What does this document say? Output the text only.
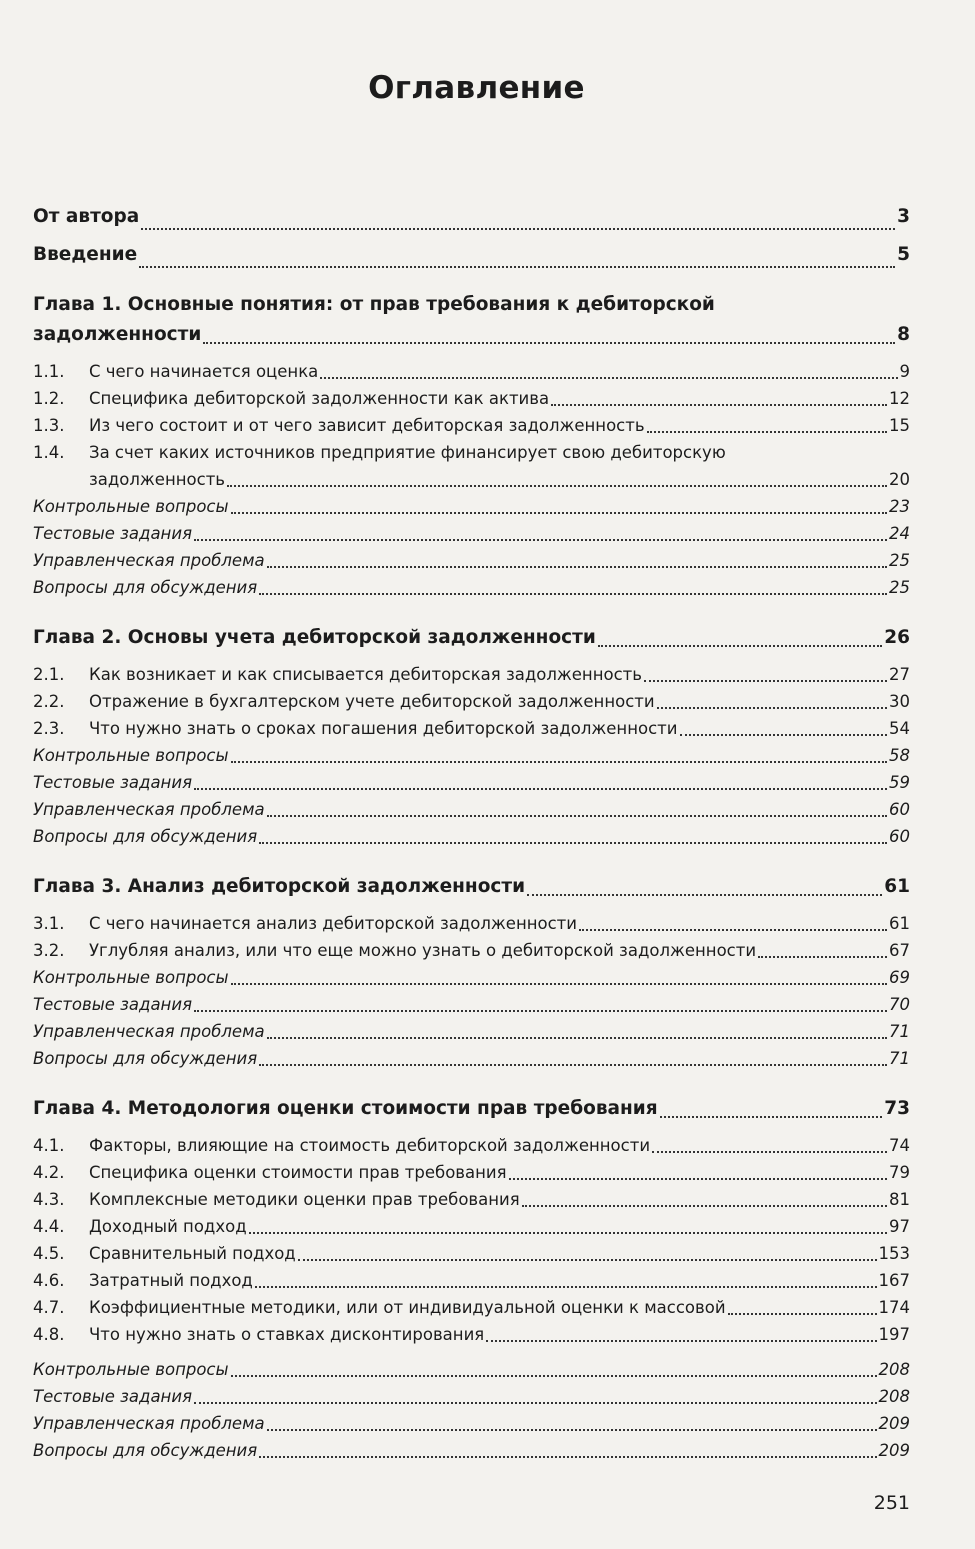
Оглавление
От автора	3
Введение	5
Глава 1. Основные понятия: от прав требования к дебиторской
задолженности	8
1.1.	С чего начинается оценка	9
1.2.	Специфика дебиторской задолженности как актива	12
1.3.	Из чего состоит и от чего зависит дебиторская задолженность	15
1.4.	За счет каких источников предприятие финансирует свою дебиторскую
задолженность	20
Контрольные вопросы	23
Тестовые задания	24
Управленческая проблема	25
Вопросы для обсуждения	25
Глава 2. Основы учета дебиторской задолженности	26
2.1.	Как возникает и как списывается дебиторская задолженность	27
2.2.	Отражение в бухгалтерском учете дебиторской задолженности	30
2.3.	Что нужно знать о сроках погашения дебиторской задолженности	54
Контрольные вопросы	58
Тестовые задания	59
Управленческая проблема	60
Вопросы для обсуждения	60
Глава 3. Анализ дебиторской задолженности	61
3.1.	С чего начинается анализ дебиторской задолженности	61
3.2.	Углубляя анализ, или что еще можно узнать о дебиторской задолженности	67
Контрольные вопросы	69
Тестовые задания	70
Управленческая проблема	71
Вопросы для обсуждения	71
Глава 4. Методология оценки стоимости прав требования	73
4.1.	Факторы, влияющие на стоимость дебиторской задолженности	74
4.2.	Специфика оценки стоимости прав требования	79
4.3.	Комплексные методики оценки прав требования	81
4.4.	Доходный подход	97
4.5.	Сравнительный подход	153
4.6.	Затратный подход	167
4.7.	Коэффициентные методики, или от индивидуальной оценки к массовой	174
4.8.	Что нужно знать о ставках дисконтирования	197
Контрольные вопросы	208
Тестовые задания	208
Управленческая проблема	209
Вопросы для обсуждения	209
251
